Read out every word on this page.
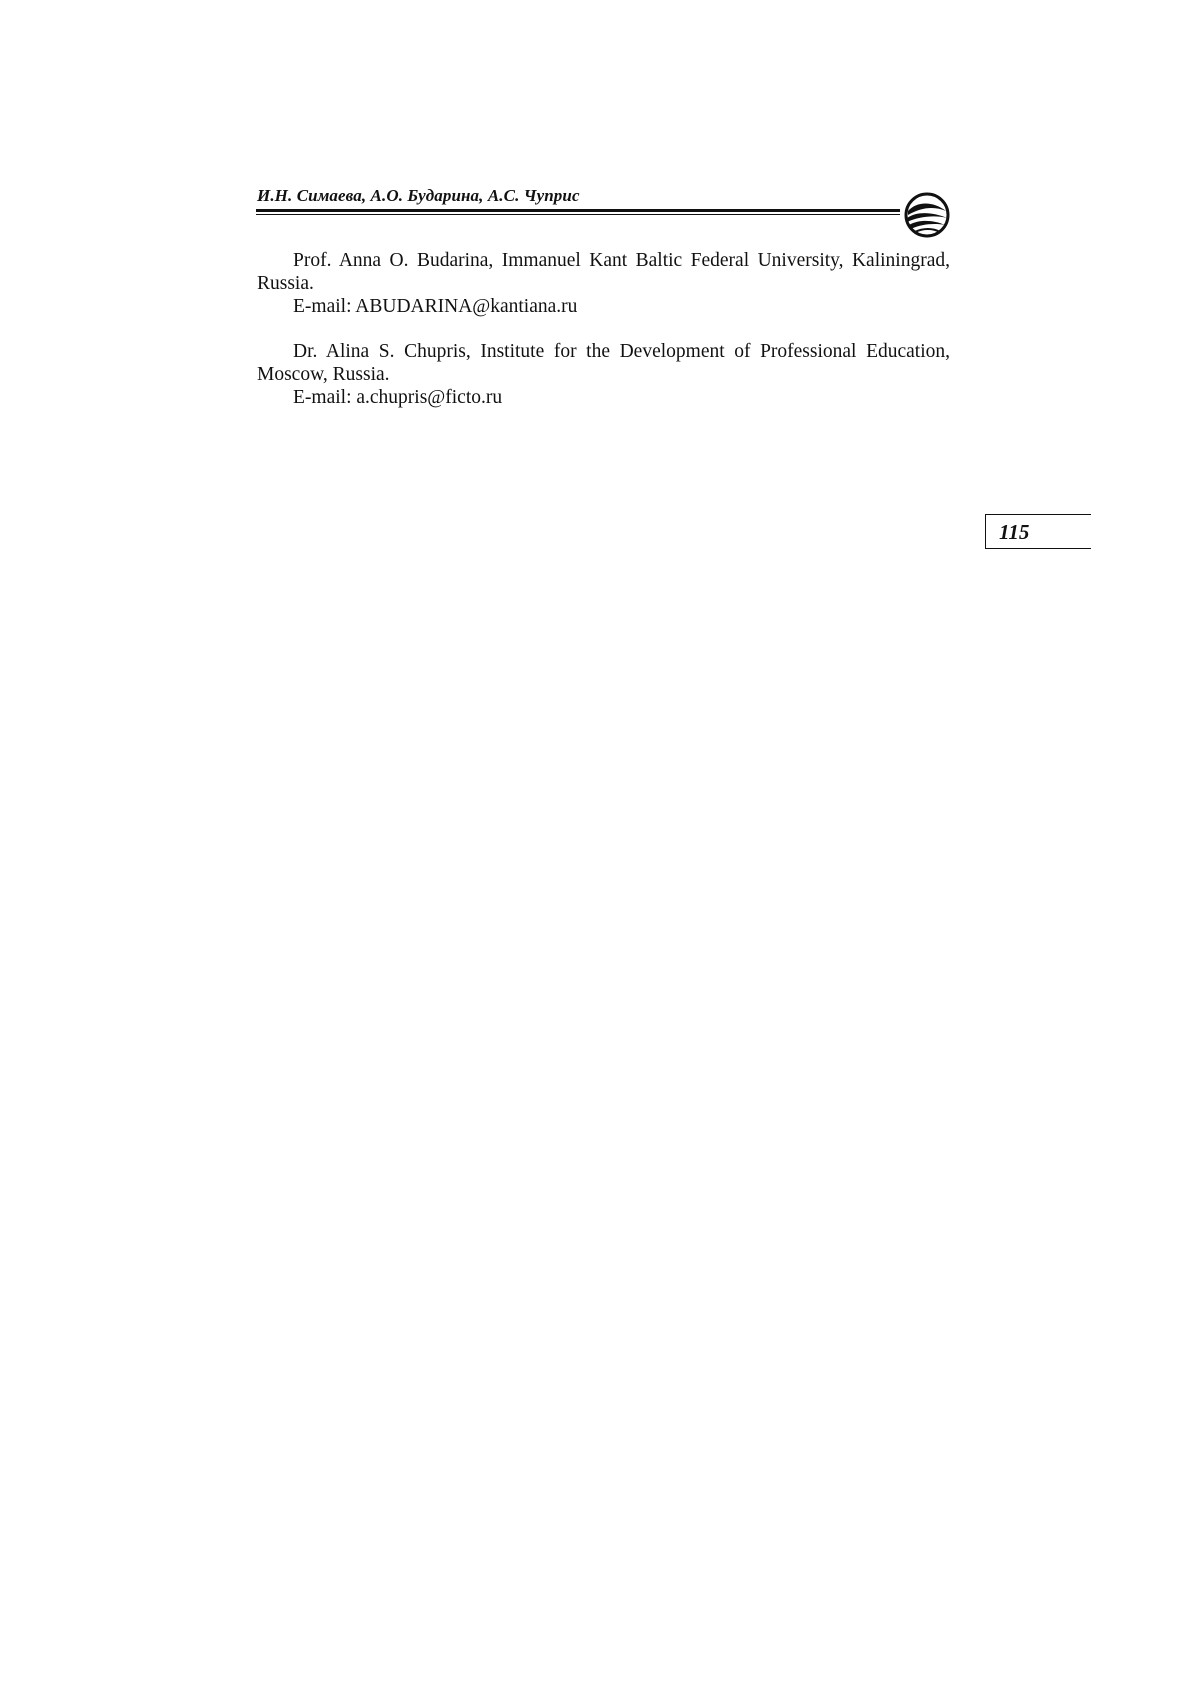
И.Н. Симаева, А.О. Бударина, А.С. Чуприс

Prof. Anna O. Budarina, Immanuel Kant Baltic Federal University, Kaliningrad, Russia.

E-mail: ABUDARINA@kantiana.ru

Dr. Alina S. Chupris, Institute for the Development of Professional Education, Moscow, Russia.

E-mail: a.chupris@ficto.ru

115
